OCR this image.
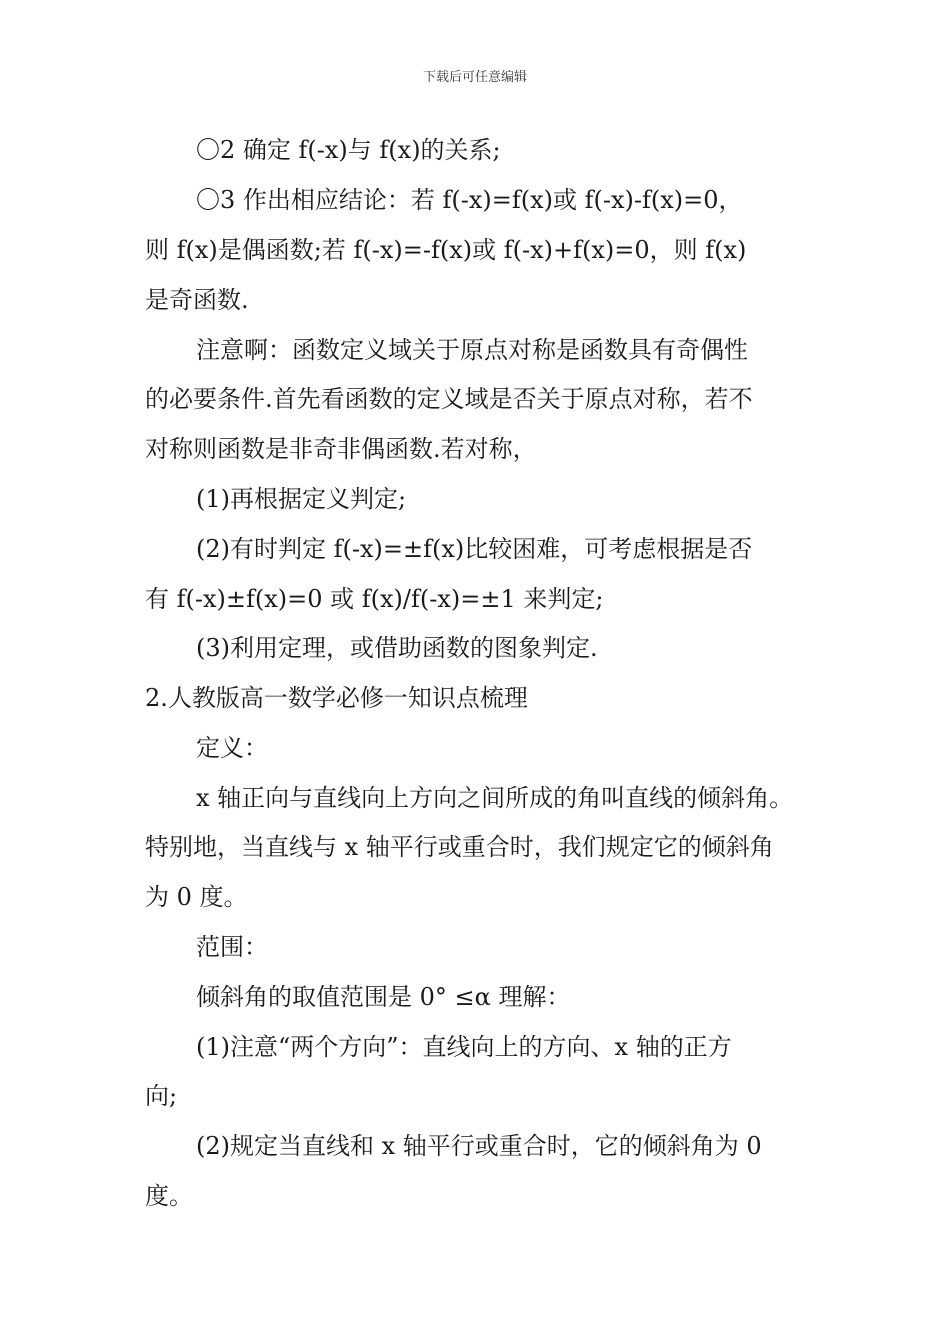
下载后可任意编辑
〇2 确定 f(-x)与 f(x)的关系;
〇3 作出相应结论：若 f(-x)=f(x)或 f(-x)-f(x)=0，
则 f(x)是偶函数;若 f(-x)=-f(x)或 f(-x)+f(x)=0，则 f(x)
是奇函数.
注意啊：函数定义域关于原点对称是函数具有奇偶性
的必要条件.首先看函数的定义域是否关于原点对称，若不
对称则函数是非奇非偶函数.若对称，
(1)再根据定义判定;
(2)有时判定 f(-x)=±f(x)比较困难，可考虑根据是否
有 f(-x)±f(x)=0 或 f(x)/f(-x)=±1 来判定;
(3)利用定理，或借助函数的图象判定.
2.人教版高一数学必修一知识点梳理
定义：
x 轴正向与直线向上方向之间所成的角叫直线的倾斜角。
特别地，当直线与 x 轴平行或重合时，我们规定它的倾斜角
为 0 度。
范围：
倾斜角的取值范围是 0° ≤α 理解：
(1)注意“两个方向”：直线向上的方向、x 轴的正方
向;
(2)规定当直线和 x 轴平行或重合时，它的倾斜角为 0
度。
